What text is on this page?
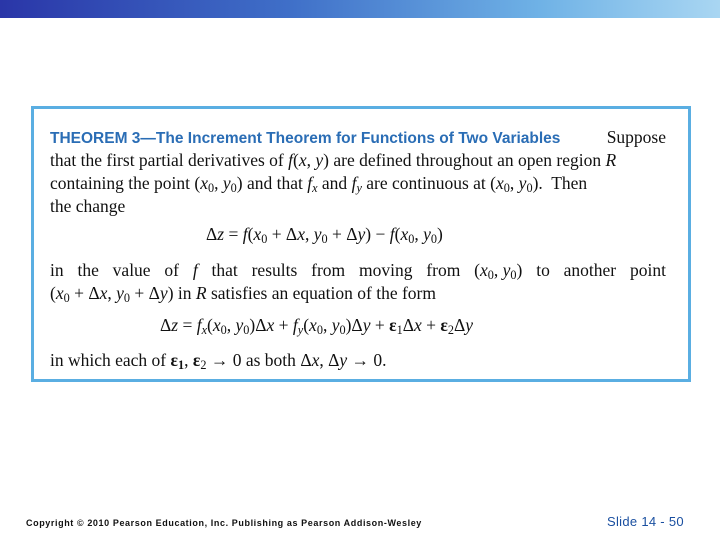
THEOREM 3—The Increment Theorem for Functions of Two Variables	Suppose
that the first partial derivatives of f(x, y) are defined throughout an open region R
containing the point ($x_0$, $y_0$) and that $f_x$ and $f_y$ are continuous at ($x_0$, $y_0$). Then
the change
$\Delta z = f(x_0 + \Delta x$, $y_0 + \Delta y) - f(x_0$, $y_0$)
in the value of f that results from moving from ($x_0$, $y_0$) to another point
($x_0 + \Delta x$, $y_0 + \Delta y$) in R satisfies an equation of the form
$\Delta z = f_x(x_0$, $y_0)\Delta x + f_y(x_0$, $y_0)\Delta y + \varepsilon_1\Delta x + \varepsilon_2\Delta y$
in which each of $\varepsilon_1$, $\varepsilon_2 \to 0$ as both Δx, Δy → 0.
Copyright © 2010 Pearson Education, Inc. Publishing as Pearson Addison-Wesley	Slide 14 - 50
